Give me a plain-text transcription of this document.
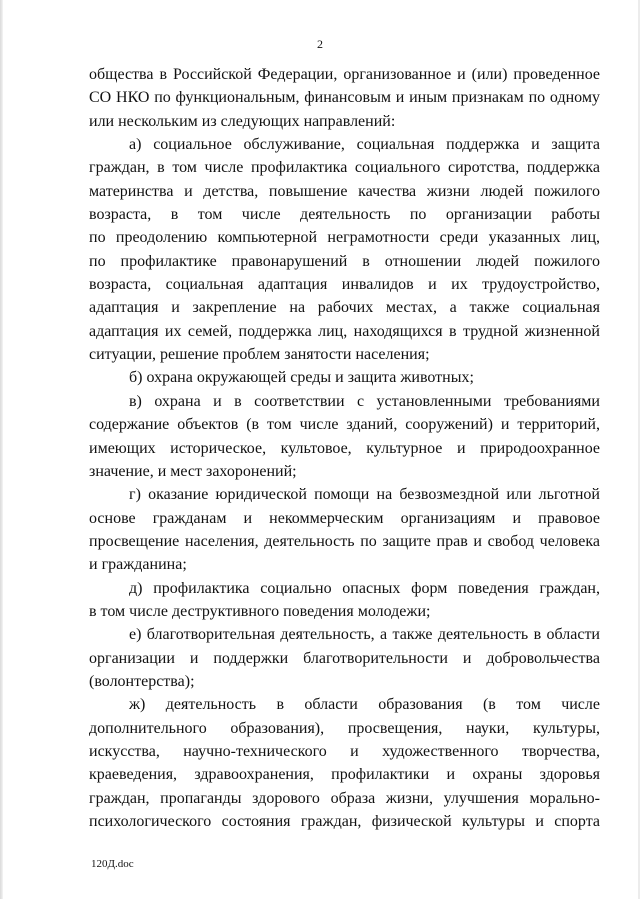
2
общества в Российской Федерации, организованное и (или) проведенное
СО НКО по функциональным, финансовым и иным признакам по одному
или нескольким из следующих направлений:
а) социальное обслуживание, социальная поддержка и защита
граждан, в том числе профилактика социального сиротства, поддержка
материнства и детства, повышение качества жизни людей пожилого
возраста, в том числе деятельность по организации работы
по преодолению компьютерной неграмотности среди указанных лиц,
по профилактике правонарушений в отношении людей пожилого
возраста, социальная адаптация инвалидов и их трудоустройство,
адаптация и закрепление на рабочих местах, а также социальная
адаптация их семей, поддержка лиц, находящихся в трудной жизненной
ситуации, решение проблем занятости населения;
б) охрана окружающей среды и защита животных;
в) охрана и в соответствии с установленными требованиями
содержание объектов (в том числе зданий, сооружений) и территорий,
имеющих историческое, культовое, культурное и природоохранное
значение, и мест захоронений;
г) оказание юридической помощи на безвозмездной или льготной
основе гражданам и некоммерческим организациям и правовое
просвещение населения, деятельность по защите прав и свобод человека
и гражданина;
д) профилактика социально опасных форм поведения граждан,
в том числе деструктивного поведения молодежи;
е) благотворительная деятельность, а также деятельность в области
организации и поддержки благотворительности и добровольчества
(волонтерства);
ж) деятельность в области образования (в том числе
дополнительного образования), просвещения, науки, культуры,
искусства, научно-технического и художественного творчества,
краеведения, здравоохранения, профилактики и охраны здоровья
граждан, пропаганды здорового образа жизни, улучшения морально-
психологического состояния граждан, физической культуры и спорта
120Д.doc
